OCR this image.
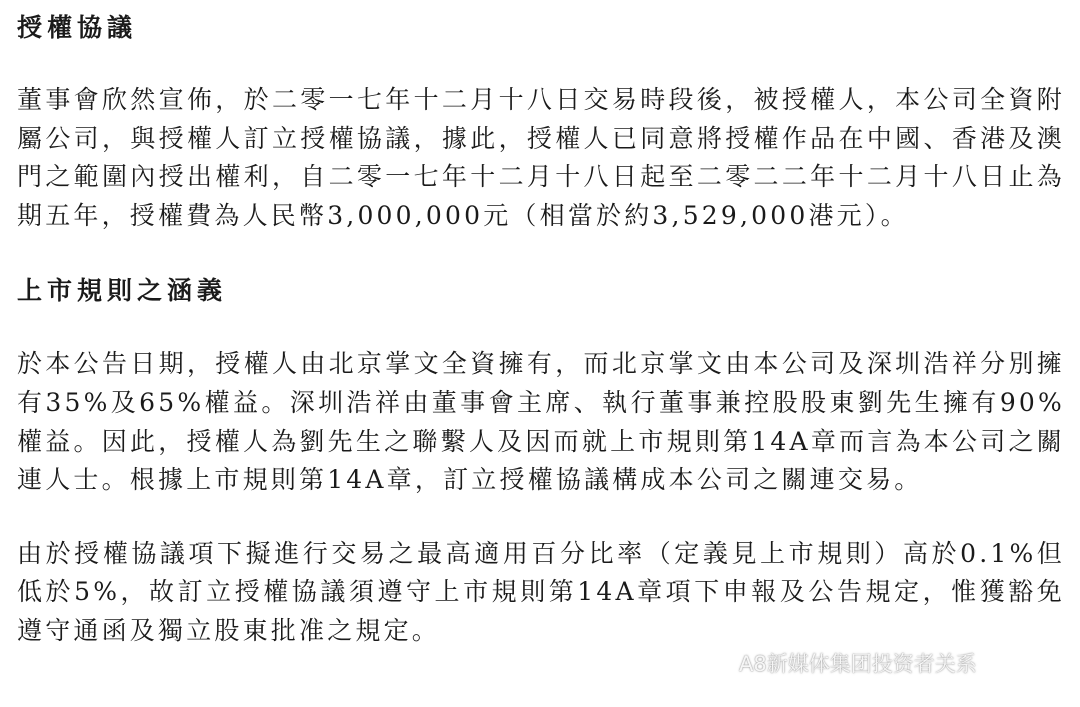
授權協議

董事會欣然宣佈，於二零一七年十二月十八日交易時段後，被授權人，本公司全資附屬公司，與授權人訂立授權協議，據此，授權人已同意將授權作品在中國、香港及澳門之範圍內授出權利，自二零一七年十二月十八日起至二零二二年十二月十八日止為期五年，授權費為人民幣3,000,000元（相當於約3,529,000港元）。

上市規則之涵義

於本公告日期，授權人由北京掌文全資擁有，而北京掌文由本公司及深圳浩祥分別擁有35%及65%權益。深圳浩祥由董事會主席、執行董事兼控股股東劉先生擁有90%權益。因此，授權人為劉先生之聯繫人及因而就上市規則第14A章而言為本公司之關連人士。根據上市規則第14A章，訂立授權協議構成本公司之關連交易。

由於授權協議項下擬進行交易之最高適用百分比率（定義見上市規則）高於0.1%但低於5%，故訂立授權協議須遵守上市規則第14A章項下申報及公告規定，惟獲豁免遵守通函及獨立股東批准之規定。

A8新媒体集团投资者关系
